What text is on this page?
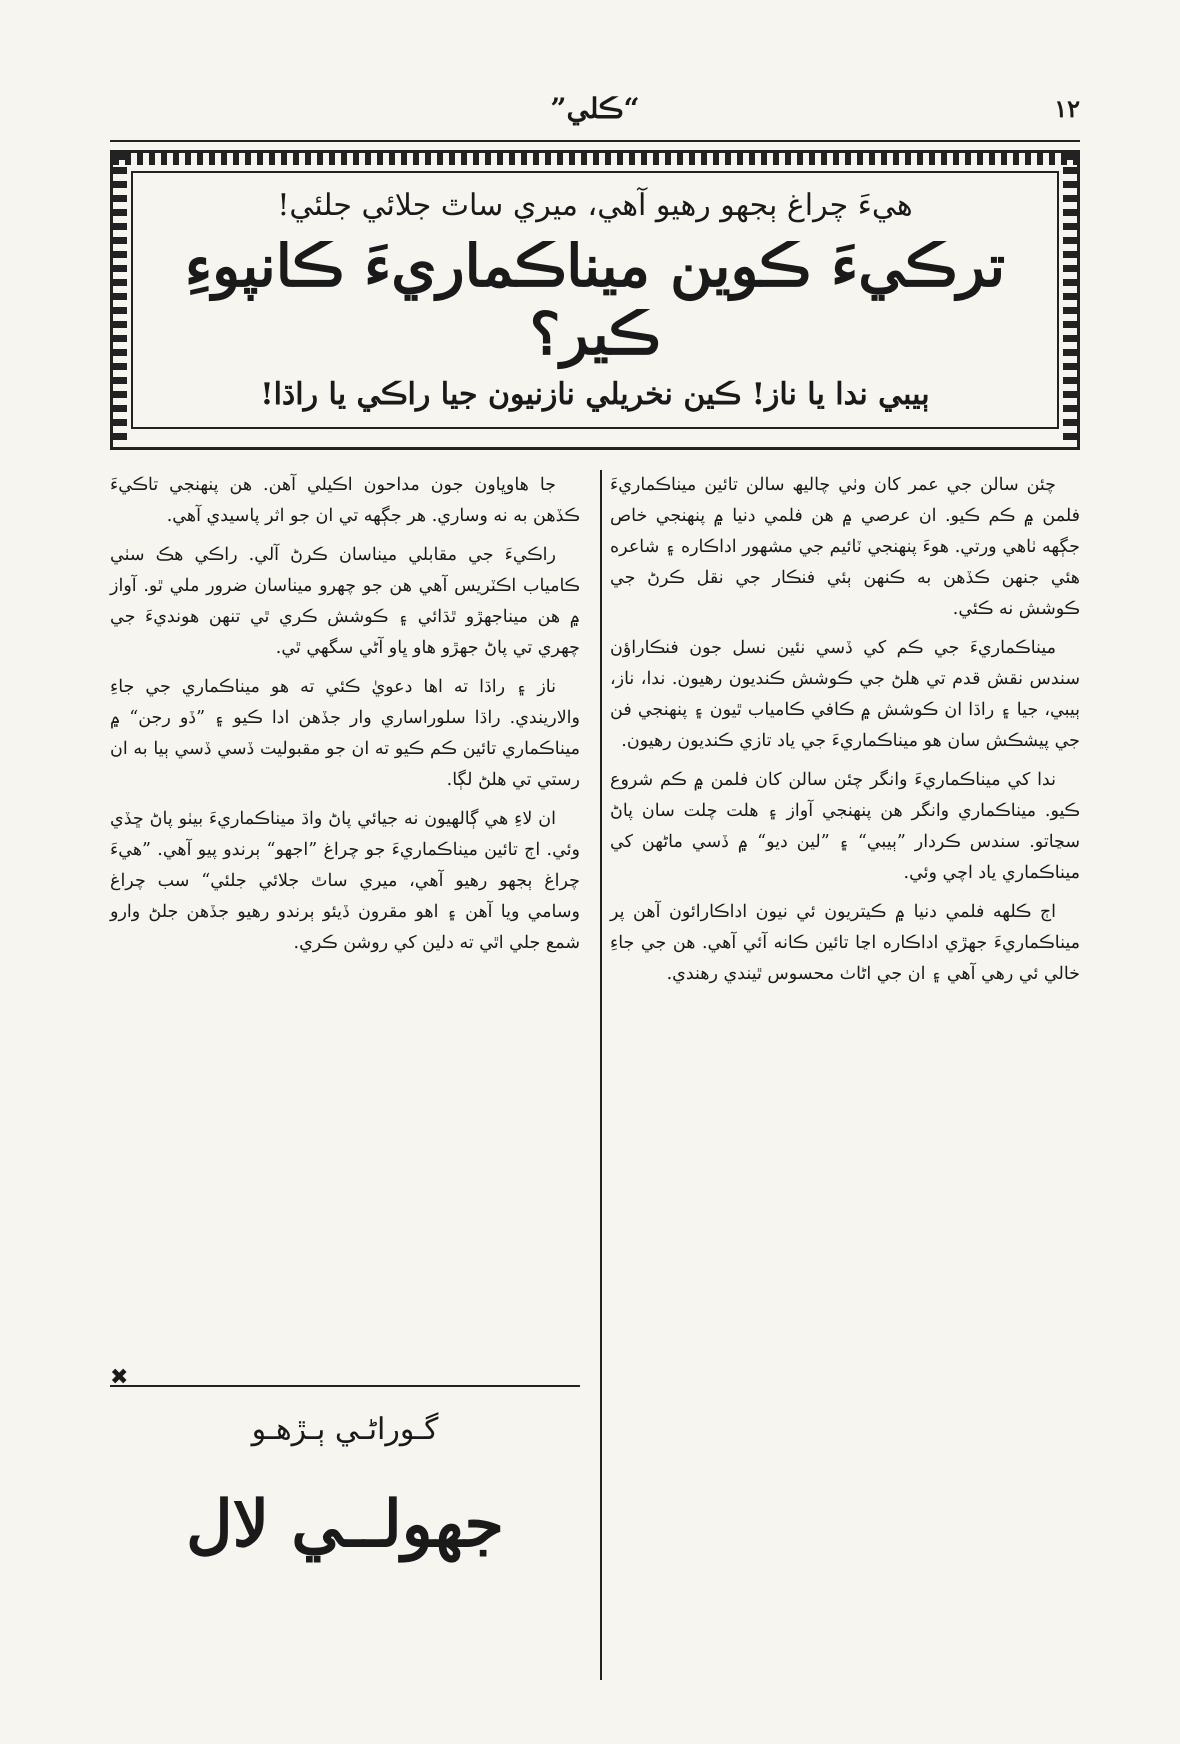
”ڪلي“	١٢
ھيءَ چراغ ٻجھو رهيو آهي، ميري ساٿ جلائي جلئي!
ترڪيءَ ڪوين ميناڪماريءَ ڪانپوءِ ڪير؟
ٻيبي ندا يا ناز! ڪين نخريلي نازنيون جيا راڪي يا راڌا!

چئن سالن جي عمر کان وٺي چاليھ سالن تائين ميناڪماريءَ فلمن ۾ ڪم ڪيو. ان عرصي ۾ هن فلمي دنيا ۾ پنهنجي خاص جڳهه ٺاهي ورتي. هوءَ پنهنجي ٽائيم جي مشهور اداڪاره ۽ شاعره هئي جنهن ڪڏهن به ڪنهن ٻئي فنڪار جي نقل ڪرڻ جي ڪوشش نه ڪئي.

ميناڪماريءَ جي ڪم کي ڏسي نئين نسل جون فنڪاراؤن سندس نقش قدم تي هلڻ جي ڪوشش ڪنديون رهيون. ندا، ناز، ٻيبي، جيا ۽ راڌا ان ڪوشش ۾ ڪافي ڪامياب ٿيون ۽ پنهنجي فن جي پيشڪش سان هو ميناڪماريءَ جي ياد تازي ڪنديون رهيون.

ندا کي ميناڪماريءَ وانگر چئن سالن کان فلمن ۾ ڪم شروع ڪيو. ميناڪماري وانگر هن پنهنجي آواز ۽ هلت چلت سان پاڻ سڃاتو. سندس ڪردار ”ٻيبي“ ۽ ”لين ديو“ ۾ ڏسي ماڻهن کي ميناڪماري ياد اچي وئي.

اڄ ڪلهه فلمي دنيا ۾ ڪيتريون ئي نيون اداڪارائون آهن پر ميناڪماريءَ جهڙي اداڪاره اڃا تائين ڪانه آئي آهي. هن جي جاءِ خالي ئي رهي آهي ۽ ان جي اڻاٺ محسوس ٿيندي رهندي.

جا هاوڀاون جون مداحون اڪيلي آهن. هن پنهنجي تاڪيءَ ڪڏهن به نه وساري. هر جڳهه تي ان جو اثر پاسيدي آهي.

راڪيءَ جي مقابلي ميناسان ڪرڻ آلي. راڪي هڪ سٺي ڪامياب اڪٽريس آهي هن جو چهرو ميناسان ضرور ملي ٿو. آواز ۾ هن ميناجهڙو ٿڌائي ۽ ڪوشش ڪري ٿي تنهن هونديءَ جي چهري تي پاڻ جهڙو هاو ڀاو آڻي سگهي ٿي.

ناز ۽ راڌا ته اها دعويٰ ڪئي ته هو ميناڪماري جي جاءِ والاريندي. راڌا سلوراساري وار جڏهن ادا ڪيو ۽ ”ڏو رجن“ ۾ ميناڪماري تائين ڪم ڪيو ته ان جو مقبوليت ڏسي ڏسي ٻيا به ان رستي تي هلڻ لڳا.

ان لاءِ هي ڳالهيون نه جيائي پاڻ واڌ ميناڪماريءَ بيٺو پاڻ ڇڏي وئي. اڄ تائين ميناڪماريءَ جو چراغ ”اجهو“ ٻرندو پيو آهي. ”ھيءَ چراغ ٻجهو رهيو آهي، ميري ساٿ جلائي جلئي“ سب چراغ وسامي ويا آهن ۽ اهو مقرون ڏيئو ٻرندو رهيو جڏهن جلڻ وارو شمع جلي اٿي ته دلين کي روشن ڪري.

✖
گـوراڻـي ٻـڙھـو
جهولــي لال
